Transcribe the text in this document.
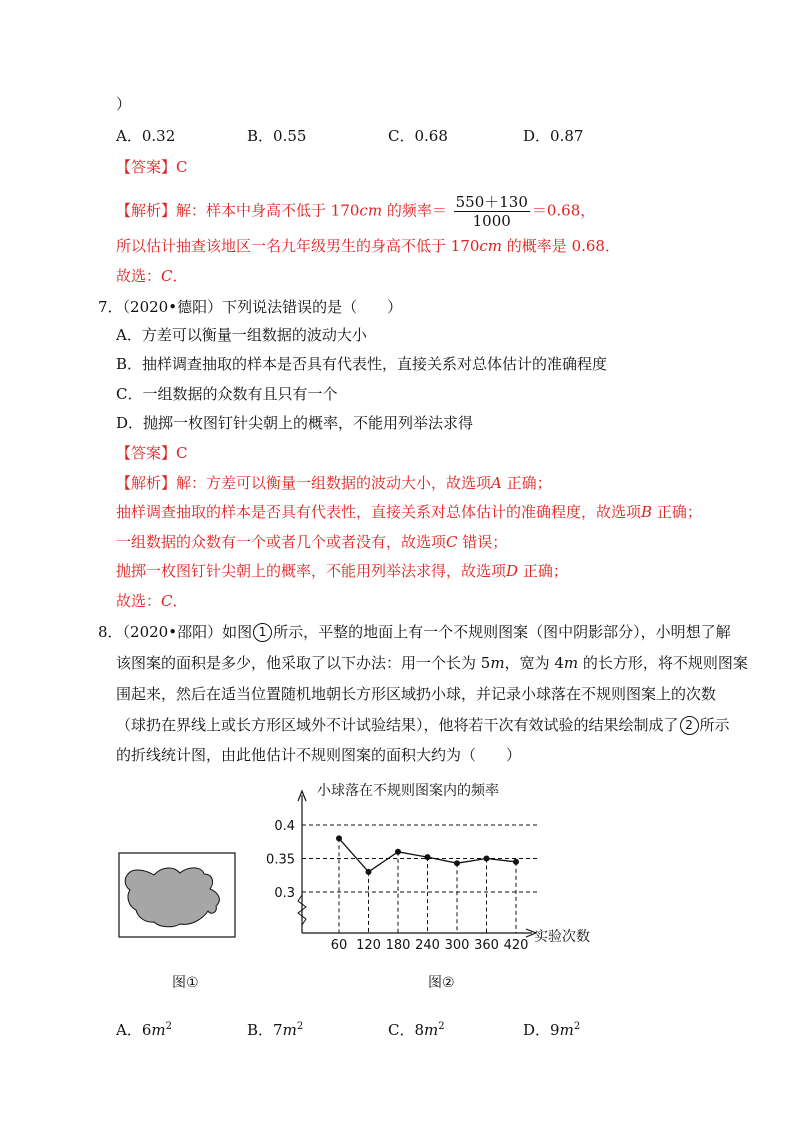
）
A．0.32	B．0.55	C．0.68	D．0.87
【答案】C
【解析】解：样本中身高不低于 170cm 的频率＝ $\frac{550+130}{1000} =0.68$，
所以估计抽查该地区一名九年级男生的身高不低于 170cm 的概率是 0.68．
故选：C．
7．（2020•德阳）下列说法错误的是（　　）
A．方差可以衡量一组数据的波动大小
B．抽样调查抽取的样本是否具有代表性，直接关系对总体估计的准确程度
C．一组数据的众数有且只有一个
D．抛掷一枚图钉针尖朝上的概率，不能用列举法求得
【答案】C
【解析】解：方差可以衡量一组数据的波动大小，故选项A 正确；
抽样调查抽取的样本是否具有代表性，直接关系对总体估计的准确程度，故选项B 正确；
一组数据的众数有一个或者几个或者没有，故选项C 错误；
抛掷一枚图钉针尖朝上的概率，不能用列举法求得，故选项D 正确；
故选：C．
8．（2020•邵阳）如图 1 所示，平整的地面上有一个不规则图案（图中阴影部分），小明想了解
该图案的面积是多少，他采取了以下办法：用一个长为 5m，宽为 4m 的长方形，将不规则图案
围起来，然后在适当位置随机地朝长方形区域扔小球，并记录小球落在不规则图案上的次数
（球扔在界线上或长方形区域外不计试验结果），他将若干次有效试验的结果绘制成了 2 所示
的折线统计图，由此他估计不规则图案的面积大约为（　　）
图①
小球落在不规则图案内的频率
0.4
0.35
0.3
60 120 180 240 300 360 420
实验次数
图②
A．$6m^2$	B．$7m^2$	C．$8m^2$	D．$9m^2$
